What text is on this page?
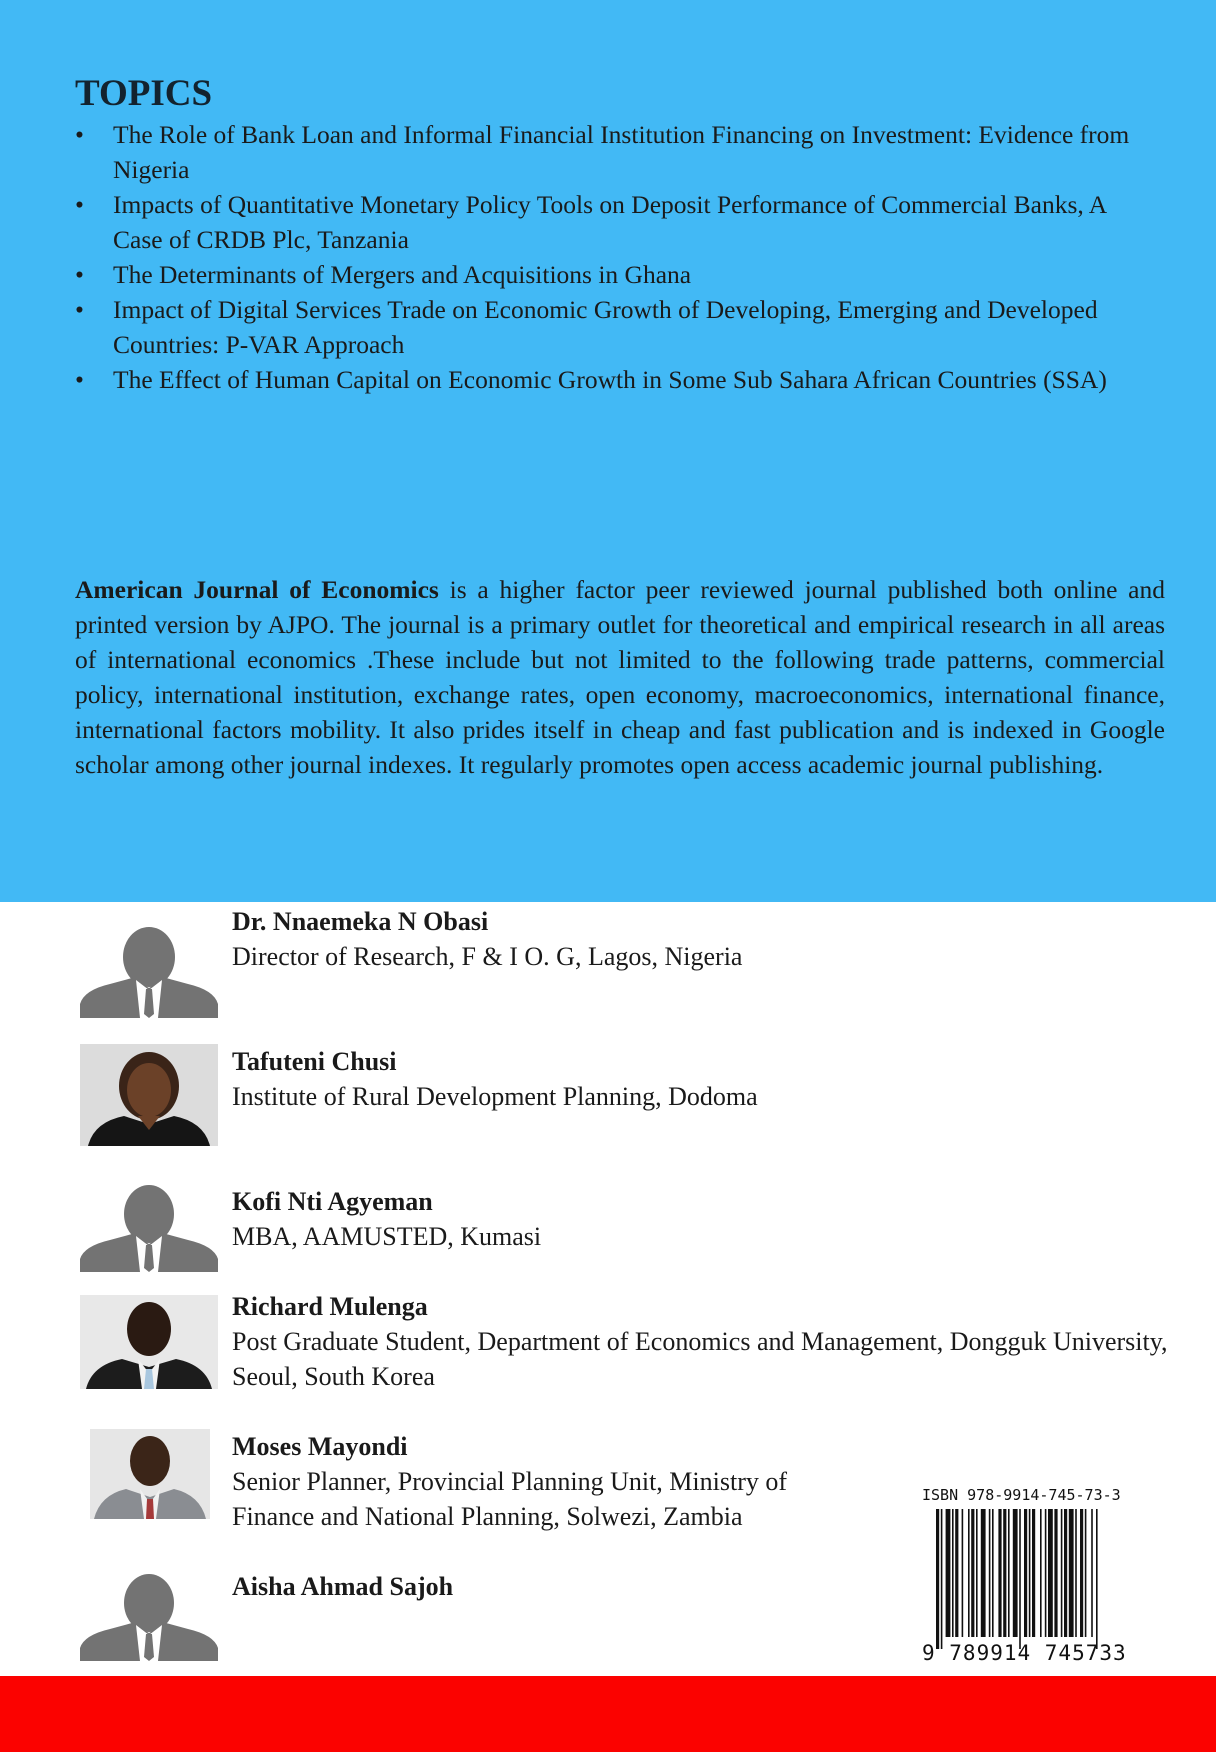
TOPICS
•	The Role of Bank Loan and Informal Financial Institution Financing on Investment: Evidence from Nigeria
•	Impacts of Quantitative Monetary Policy Tools on Deposit Performance of Commercial Banks, A Case of CRDB Plc, Tanzania
•	The Determinants of Mergers and Acquisitions in Ghana
•	Impact of Digital Services Trade on Economic Growth of Developing, Emerging and Developed Countries: P-VAR Approach
•	The Effect of Human Capital on Economic Growth in Some Sub Sahara African Countries (SSA)

American Journal of Economics is a higher factor peer reviewed journal published both online and printed version by AJPO. The journal is a primary outlet for theoretical and empirical research in all areas of international economics .These include but not limited to the following trade patterns, commercial policy, international institution, exchange rates, open economy, macroeconomics, international finance, international factors mobility. It also prides itself in cheap and fast publication and is indexed in Google scholar among other journal indexes. It regularly promotes open access academic journal publishing.

Dr. Nnaemeka N Obasi

Director of Research, F & I O. G, Lagos, Nigeria

Tafuteni Chusi

Institute of Rural Development Planning, Dodoma

Kofi Nti Agyeman

MBA, AAMUSTED, Kumasi

Richard Mulenga

Post Graduate Student, Department of Economics and Management, Dongguk University, Seoul, South Korea

Moses Mayondi

Senior Planner, Provincial Planning Unit, Ministry of Finance and National Planning, Solwezi, Zambia

Aisha Ahmad Sajoh

ISBN 978-9914-745-73-3

9 789914 745733
